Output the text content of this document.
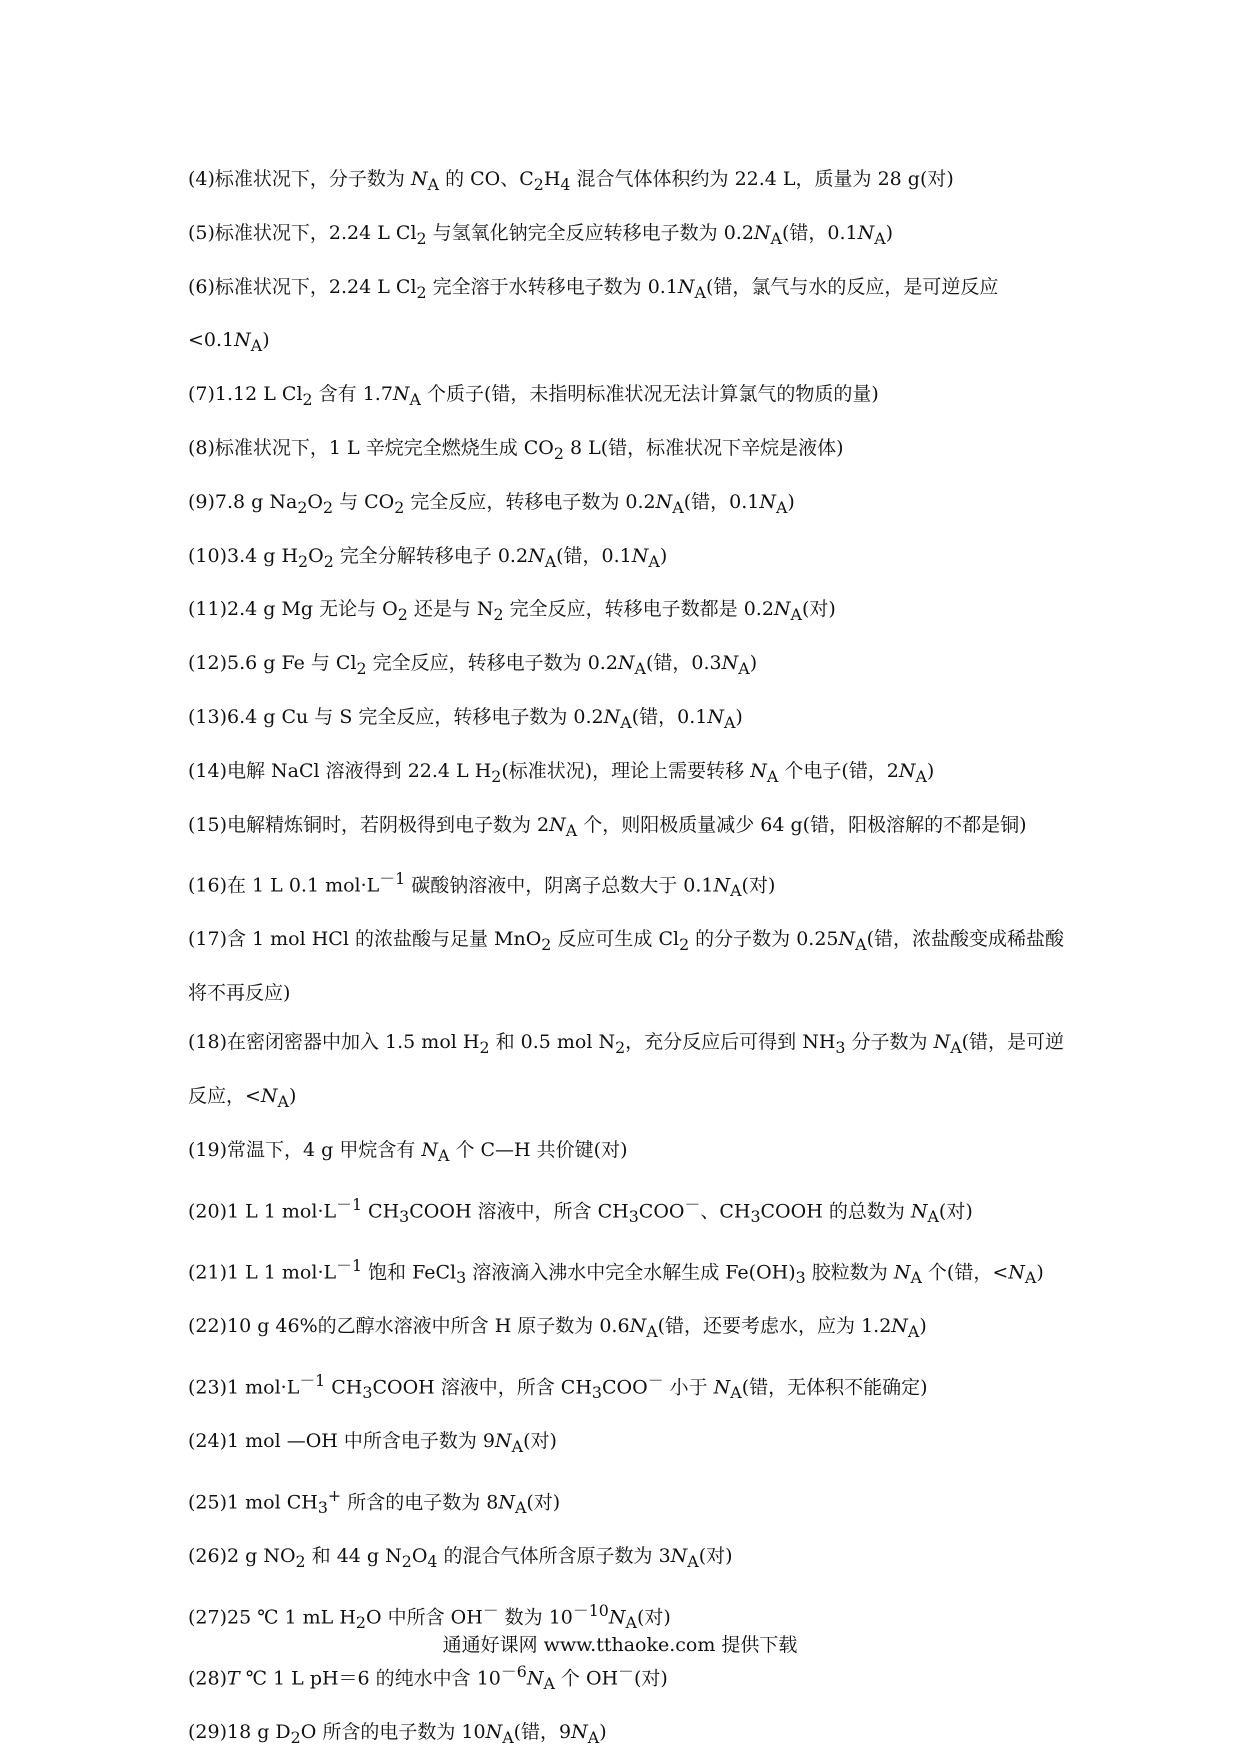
(4)标准状况下，分子数为 $N_A$ 的 CO、$C_2H_4$ 混合气体体积约为 22.4 L，质量为 28 g(对)

(5)标准状况下，2.24 L $Cl_2$ 与氢氧化钠完全反应转移电子数为 $0.2N_A$(错，$0.1N_A$)

(6)标准状况下，2.24 L $Cl_2$ 完全溶于水转移电子数为 $0.1N_A$(错，氯气与水的反应，是可逆反应$<0.1N_A$)

(7)1.12 L $Cl_2$ 含有 $1.7N_A$ 个质子(错，未指明标准状况无法计算氯气的物质的量)

(8)标准状况下，1 L 辛烷完全燃烧生成 $CO_2$ 8 L(错，标准状况下辛烷是液体)

(9)7.8 g $Na_2O_2$ 与 $CO_2$ 完全反应，转移电子数为 $0.2N_A$(错，$0.1N_A$)

(10)3.4 g $H_2O_2$ 完全分解转移电子 $0.2N_A$(错，$0.1N_A$)

(11)2.4 g Mg 无论与 $O_2$ 还是与 $N_2$ 完全反应，转移电子数都是 $0.2N_A$(对)

(12)5.6 g Fe 与 $Cl_2$ 完全反应，转移电子数为 $0.2N_A$(错，$0.3N_A$)

(13)6.4 g Cu 与 S 完全反应，转移电子数为 $0.2N_A$(错，$0.1N_A$)

(14)电解 NaCl 溶液得到 22.4 L $H_2$(标准状况)，理论上需要转移 $N_A$ 个电子(错，$2N_A$)

(15)电解精炼铜时，若阴极得到电子数为 $2N_A$ 个，则阳极质量减少 64 g(错，阳极溶解的不都是铜)

(16)在 1 L 0.1 $mol\cdot L^{-1}$ 碳酸钠溶液中，阴离子总数大于 $0.1N_A$(对)

(17)含 1 mol HCl 的浓盐酸与足量 MnO$_2$ 反应可生成 $Cl_2$ 的分子数为 $0.25N_A$(错，浓盐酸变成稀盐酸将不再反应)

(18)在密闭密器中加入 1.5 mol $H_2$ 和 0.5 mol $N_2$，充分反应后可得到 $NH_3$ 分子数为 $N_A$(错，是可逆反应，$<N_A$)

(19)常温下，4 g 甲烷含有 $N_A$ 个 C—H 共价键(对)

(20)1 L 1 $mol\cdot L^{-1}$ $CH_3COOH$ 溶液中，所含 $CH_3COO^-$、$CH_3COOH$ 的总数为 $N_A$(对)

(21)1 L 1 $mol\cdot L^{-1}$ 饱和 FeCl$_3$ 溶液滴入沸水中完全水解生成 $Fe(OH)_3$ 胶粒数为 $N_A$ 个(错，$<N_A$)

(22)10 g 46%的乙醇水溶液中所含 H 原子数为 $0.6N_A$(错，还要考虑水，应为 $1.2N_A$)

(23)1 $mol\cdot L^{-1}$ $CH_3COOH$ 溶液中，所含 $CH_3COO^-$ 小于 $N_A$(错，无体积不能确定)

(24)1 mol —OH 中所含电子数为 $9N_A$(对)

(25)1 mol $CH_3^+$ 所含的电子数为 $8N_A$(对)

(26)2 g $NO_2$ 和 44 g $N_2O_4$ 的混合气体所含原子数为 $3N_A$(对)

(27)25 ℃ 1 mL $H_2O$ 中所含 OH－ 数为 $10^{-10}N_A$(对)

(28)T ℃ 1 L pH＝6 的纯水中含 $10^{-6}N_A$ 个 OH－(对)

(29)18 g $D_2O$ 所含的电子数为 $10N_A$(错，$9N_A$)

通通好课网 www.tthaoke.com 提供下载
